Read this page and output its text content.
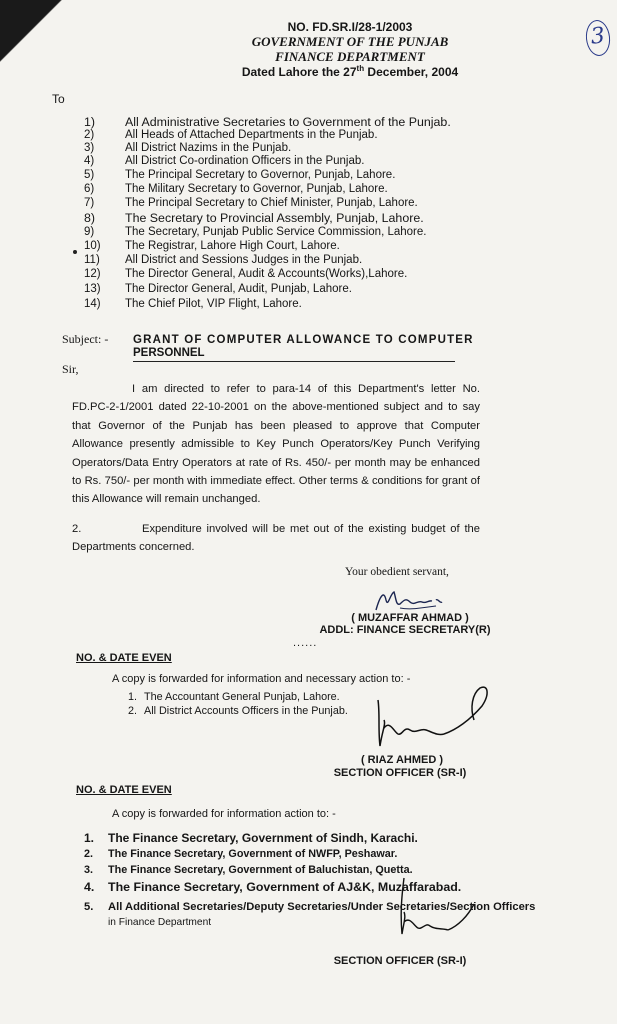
3
NO. FD.SR.I/28-1/2003
GOVERNMENT OF THE PUNJAB
FINANCE DEPARTMENT
Dated Lahore the 27th December, 2004
To
1)	All Administrative Secretaries to Government of the Punjab.
2)	All Heads of Attached Departments in the Punjab.
3)	All District Nazims in the Punjab.
4)	All District Co-ordination Officers in the Punjab.
5)	The Principal Secretary to Governor, Punjab, Lahore.
6)	The Military Secretary to Governor, Punjab, Lahore.
7)	The Principal Secretary to Chief Minister, Punjab, Lahore.
8)	The Secretary to Provincial Assembly, Punjab, Lahore.
9)	The Secretary, Punjab Public Service Commission, Lahore.
10)	The Registrar, Lahore High Court, Lahore.
11)	All District and Sessions Judges in the Punjab.
12)	The Director General, Audit & Accounts(Works),Lahore.
13)	The Director General, Audit, Punjab, Lahore.
14)	The Chief Pilot, VIP Flight, Lahore.
Subject: - GRANT OF COMPUTER ALLOWANCE TO COMPUTER
PERSONNEL
Sir,

I am directed to refer to para-14 of this Department's letter No. FD.PC-2-1/2001 dated 22-10-2001 on the above-mentioned subject and to say that Governor of the Punjab has been pleased to approve that Computer Allowance presently admissible to Key Punch Operators/Key Punch Verifying Operators/Data Entry Operators at rate of Rs. 450/- per month may be enhanced to Rs. 750/- per month with immediate effect. Other terms & conditions for grant of this Allowance will remain unchanged.

2.	Expenditure involved will be met out of the existing budget of the Departments concerned.
Your obedient servant,
( MUZAFFAR AHMAD )
ADDL: FINANCE SECRETARY(R)
......
NO. & DATE EVEN
A copy is forwarded for information and necessary action to: -
1. The Accountant General Punjab, Lahore.
2. All District Accounts Officers in the Punjab.
( RIAZ AHMED )
SECTION OFFICER (SR-I)
NO. & DATE EVEN
A copy is forwarded for information action to: -
1. The Finance Secretary, Government of Sindh, Karachi.
2. The Finance Secretary, Government of NWFP, Peshawar.
3. The Finance Secretary, Government of Baluchistan, Quetta.
4. The Finance Secretary, Government of AJ&K, Muzaffarabad.
5. All Additional Secretaries/Deputy Secretaries/Under Secretaries/Section Officers
in Finance Department
SECTION OFFICER (SR-I)
